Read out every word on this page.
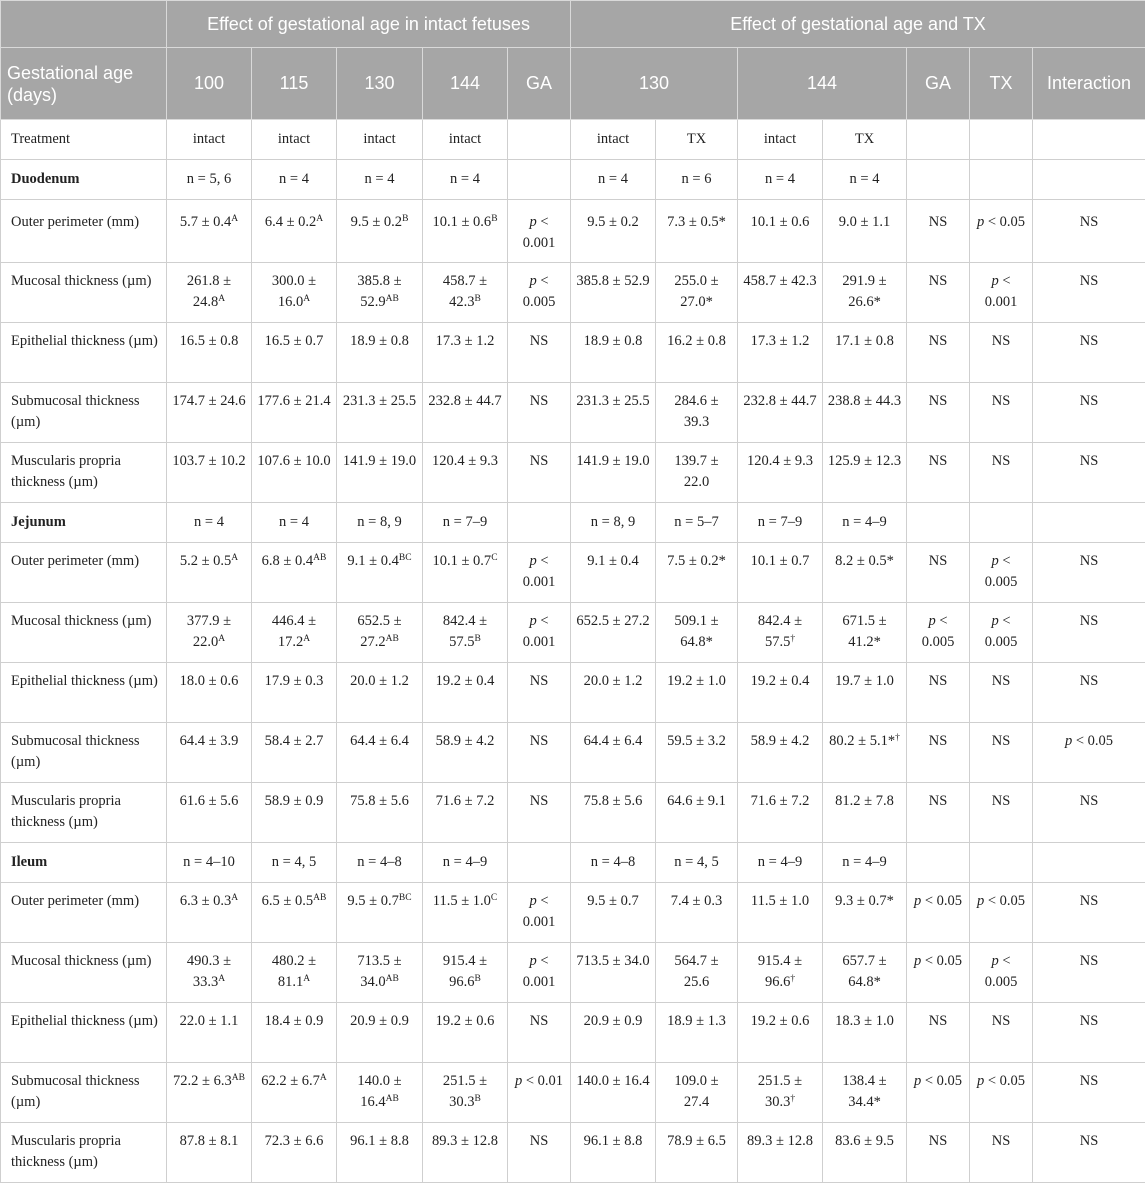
	Effect of gestational age in intact fetuses					Effect of gestational age and TX						
Gestational age (days)	100	115	130	144	GA	130		144		GA	TX	Interaction
Treatment	intact	intact	intact	intact		intact	TX	intact	TX			
Duodenum	n = 5, 6	n = 4	n = 4	n = 4		n = 4	n = 6	n = 4	n = 4			
Outer perimeter (mm)	$5.7 \pm 0.4^A$	$6.4 \pm 0.2^A$	$9.5 \pm 0.2^B$	$10.1 \pm 0.6^B$	p < 0.001	9.5 ± 0.2	7.3 ± 0.5*	10.1 ± 0.6	9.0 ± 1.1	NS	p < 0.05	NS
Mucosal thickness (µm)	$261.8 \pm 24.8^A$	$300.0 \pm 16.0^A$	$385.8 \pm 52.9^{AB}$	$458.7 \pm 42.3^B$	p < 0.005	385.8 ± 52.9	255.0 ± 27.0*	458.7 ± 42.3	291.9 ± 26.6*	NS	p < 0.001	NS
Epithelial thickness (µm)	16.5 ± 0.8	16.5 ± 0.7	18.9 ± 0.8	17.3 ± 1.2	NS	18.9 ± 0.8	16.2 ± 0.8	17.3 ± 1.2	17.1 ± 0.8	NS	NS	NS
Submucosal thickness (µm)	174.7 ± 24.6	177.6 ± 21.4	231.3 ± 25.5	232.8 ± 44.7	NS	231.3 ± 25.5	284.6 ± 39.3	232.8 ± 44.7	238.8 ± 44.3	NS	NS	NS
Muscularis propria thickness (µm)	103.7 ± 10.2	107.6 ± 10.0	141.9 ± 19.0	120.4 ± 9.3	NS	141.9 ± 19.0	139.7 ± 22.0	120.4 ± 9.3	125.9 ± 12.3	NS	NS	NS
Jejunum	n = 4	n = 4	n = 8, 9	n = 7–9		n = 8, 9	n = 5–7	n = 7–9	n = 4–9			
Outer perimeter (mm)	$5.2 \pm 0.5^A$	$6.8 \pm 0.4^{AB}$	$9.1 \pm 0.4^{BC}$	$10.1 \pm 0.7^C$	p < 0.001	9.1 ± 0.4	7.5 ± 0.2*	10.1 ± 0.7	8.2 ± 0.5*	NS	p < 0.005	NS
Mucosal thickness (µm)	$377.9 \pm 22.0^A$	$446.4 \pm 17.2^A$	$652.5 \pm 27.2^{AB}$	$842.4 \pm 57.5^B$	p < 0.001	652.5 ± 27.2	509.1 ± 64.8*	842.4 ± 57.5†	671.5 ± 41.2*	p < 0.005	p < 0.005	NS
Epithelial thickness (µm)	18.0 ± 0.6	17.9 ± 0.3	20.0 ± 1.2	19.2 ± 0.4	NS	20.0 ± 1.2	19.2 ± 1.0	19.2 ± 0.4	19.7 ± 1.0	NS	NS	NS
Submucosal thickness (µm)	64.4 ± 3.9	58.4 ± 2.7	64.4 ± 6.4	58.9 ± 4.2	NS	64.4 ± 6.4	59.5 ± 3.2	58.9 ± 4.2	80.2 ± 5.1*†	NS	NS	p < 0.05
Muscularis propria thickness (µm)	61.6 ± 5.6	58.9 ± 0.9	75.8 ± 5.6	71.6 ± 7.2	NS	75.8 ± 5.6	64.6 ± 9.1	71.6 ± 7.2	81.2 ± 7.8	NS	NS	NS
Ileum	n = 4–10	n = 4, 5	n = 4–8	n = 4–9		n = 4–8	n = 4, 5	n = 4–9	n = 4–9			
Outer perimeter (mm)	$6.3 \pm 0.3^A$	$6.5 \pm 0.5^{AB}$	$9.5 \pm 0.7^{BC}$	$11.5 \pm 1.0^C$	p < 0.001	9.5 ± 0.7	7.4 ± 0.3	11.5 ± 1.0	9.3 ± 0.7*	p < 0.05	p < 0.05	NS
Mucosal thickness (µm)	$490.3 \pm 33.3^A$	$480.2 \pm 81.1^A$	$713.5 \pm 34.0^{AB}$	$915.4 \pm 96.6^B$	p < 0.001	713.5 ± 34.0	564.7 ± 25.6	915.4 ± 96.6†	657.7 ± 64.8*	p < 0.05	p < 0.005	NS
Epithelial thickness (µm)	22.0 ± 1.1	18.4 ± 0.9	20.9 ± 0.9	19.2 ± 0.6	NS	20.9 ± 0.9	18.9 ± 1.3	19.2 ± 0.6	18.3 ± 1.0	NS	NS	NS
Submucosal thickness (µm)	$72.2 \pm 6.3^{AB}$	$62.2 \pm 6.7^A$	$140.0 \pm 16.4^{AB}$	$251.5 \pm 30.3^B$	p < 0.01	140.0 ± 16.4	109.0 ± 27.4	251.5 ± 30.3†	138.4 ± 34.4*	p < 0.05	p < 0.05	NS
Muscularis propria thickness (µm)	87.8 ± 8.1	72.3 ± 6.6	96.1 ± 8.8	89.3 ± 12.8	NS	96.1 ± 8.8	78.9 ± 6.5	89.3 ± 12.8	83.6 ± 9.5	NS	NS	NS
